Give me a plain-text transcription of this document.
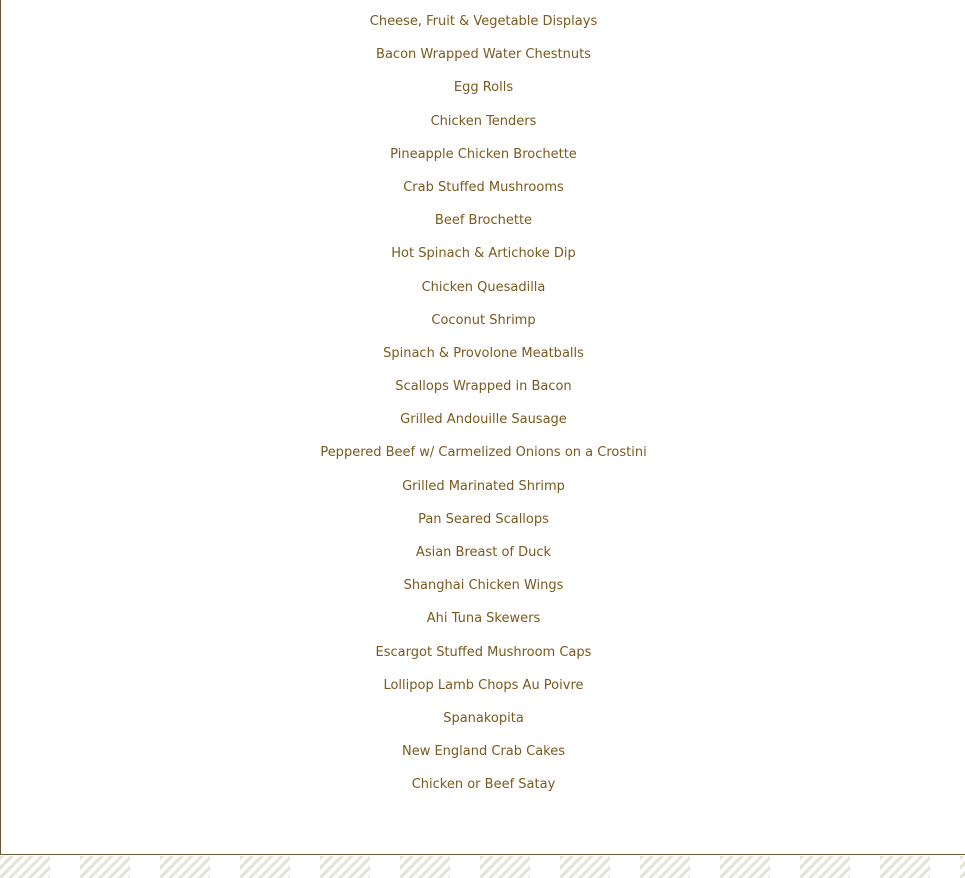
Cheese, Fruit & Vegetable Displays
Bacon Wrapped Water Chestnuts
Egg Rolls
Chicken Tenders
Pineapple Chicken Brochette
Crab Stuffed Mushrooms
Beef Brochette
Hot Spinach & Artichoke Dip
Chicken Quesadilla
Coconut Shrimp
Spinach & Provolone Meatballs
Scallops Wrapped in Bacon
Grilled Andouille Sausage
Peppered Beef w/ Carmelized Onions on a Crostini
Grilled Marinated Shrimp
Pan Seared Scallops
Asian Breast of Duck
Shanghai Chicken Wings
Ahi Tuna Skewers
Escargot Stuffed Mushroom Caps
Lollipop Lamb Chops Au Poivre
Spanakopita
New England Crab Cakes
Chicken or Beef Satay
